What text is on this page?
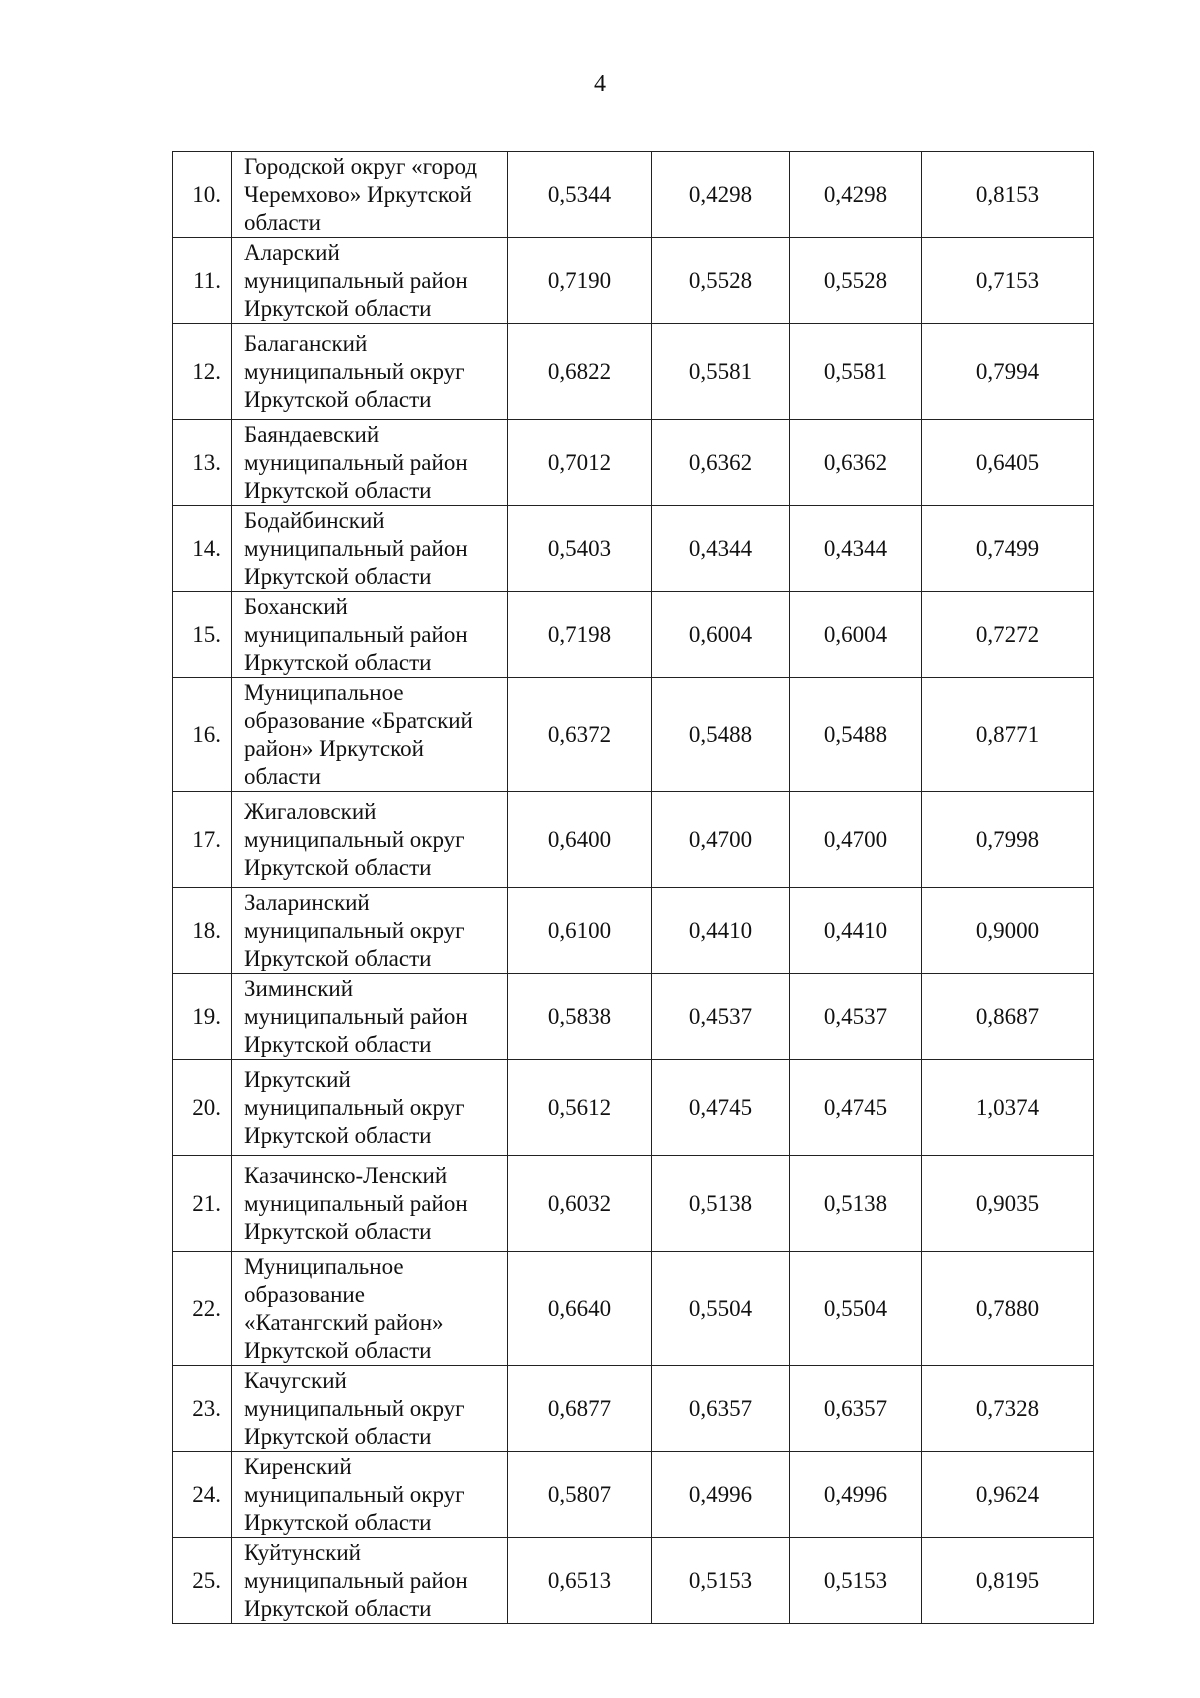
4
10.	Городской округ «город
Черемхово» Иркутской
области	0,5344	0,4298	0,4298	0,8153
11.	Аларский
муниципальный район
Иркутской области	0,7190	0,5528	0,5528	0,7153
12.	Балаганский
муниципальный округ
Иркутской области	0,6822	0,5581	0,5581	0,7994
13.	Баяндаевский
муниципальный район
Иркутской области	0,7012	0,6362	0,6362	0,6405
14.	Бодайбинский
муниципальный район
Иркутской области	0,5403	0,4344	0,4344	0,7499
15.	Боханский
муниципальный район
Иркутской области	0,7198	0,6004	0,6004	0,7272
16.	Муниципальное
образование «Братский
район» Иркутской
области	0,6372	0,5488	0,5488	0,8771
17.	Жигаловский
муниципальный округ
Иркутской области	0,6400	0,4700	0,4700	0,7998
18.	Заларинский
муниципальный округ
Иркутской области	0,6100	0,4410	0,4410	0,9000
19.	Зиминский
муниципальный район
Иркутской области	0,5838	0,4537	0,4537	0,8687
20.	Иркутский
муниципальный округ
Иркутской области	0,5612	0,4745	0,4745	1,0374
21.	Казачинско-Ленский
муниципальный район
Иркутской области	0,6032	0,5138	0,5138	0,9035
22.	Муниципальное
образование
«Катангский район»
Иркутской области	0,6640	0,5504	0,5504	0,7880
23.	Качугский
муниципальный округ
Иркутской области	0,6877	0,6357	0,6357	0,7328
24.	Киренский
муниципальный округ
Иркутской области	0,5807	0,4996	0,4996	0,9624
25.	Куйтунский
муниципальный район
Иркутской области	0,6513	0,5153	0,5153	0,8195
